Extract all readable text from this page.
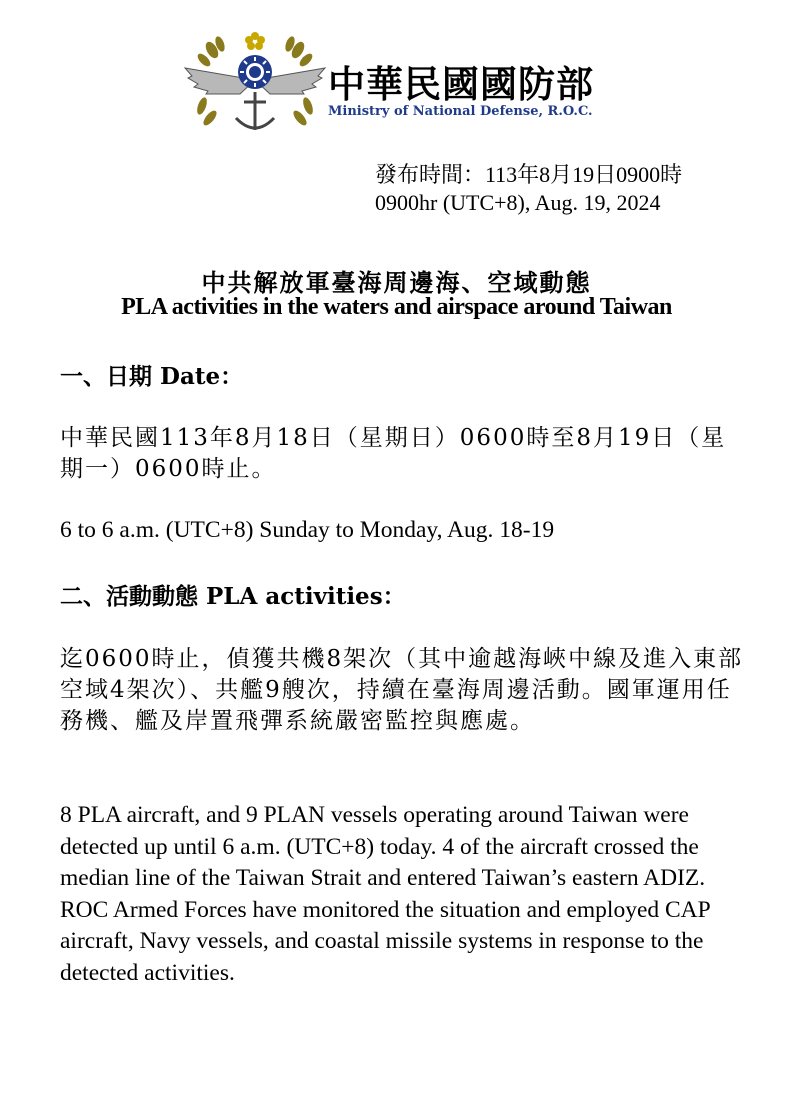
中華民國國防部
Ministry of National Defense, R.O.C.
發布時間：113年8月19日0900時
0900hr (UTC+8), Aug. 19, 2024
中共解放軍臺海周邊海、空域動態
PLA activities in the waters and airspace around Taiwan
一、日期 Date：
中華民國113年8月18日（星期日）0600時至8月19日（星期一）0600時止。
6 to 6 a.m. (UTC+8) Sunday to Monday, Aug. 18-19
二、活動動態 PLA activities：
迄0600時止，偵獲共機8架次（其中逾越海峽中線及進入東部空域4架次）、共艦9艘次，持續在臺海周邊活動。國軍運用任務機、艦及岸置飛彈系統嚴密監控與應處。
8 PLA aircraft, and 9 PLAN vessels operating around Taiwan were detected up until 6 a.m. (UTC+8) today. 4 of the aircraft crossed the median line of the Taiwan Strait and entered Taiwan’s eastern ADIZ. ROC Armed Forces have monitored the situation and employed CAP aircraft, Navy vessels, and coastal missile systems in response to the detected activities.
